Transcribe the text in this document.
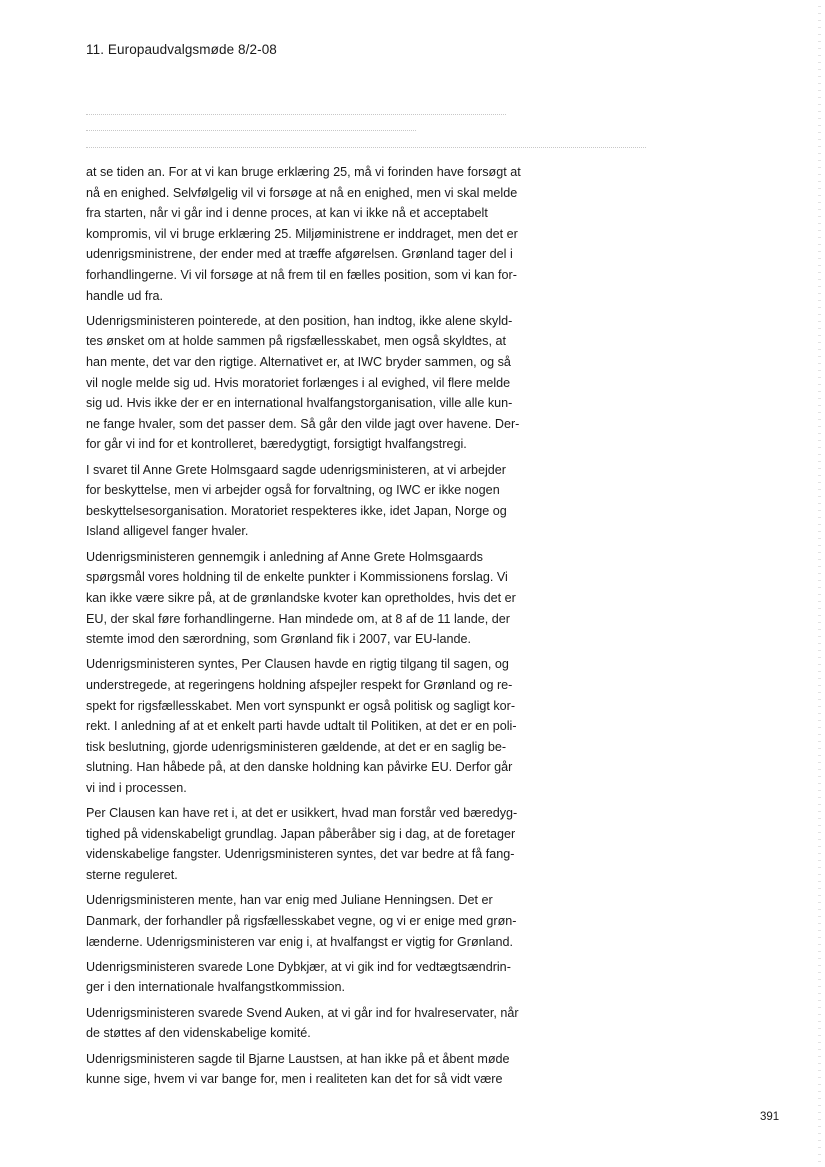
11. Europaudvalgsmøde 8/2-08

at se tiden an. For at vi kan bruge erklæring 25, må vi forinden have forsøgt at
nå en enighed. Selvfølgelig vil vi forsøge at nå en enighed, men vi skal melde
fra starten, når vi går ind i denne proces, at kan vi ikke nå et acceptabelt
kompromis, vil vi bruge erklæring 25. Miljøministrene er inddraget, men det er
udenrigsministrene, der ender med at træffe afgørelsen. Grønland tager del i
forhandlingerne. Vi vil forsøge at nå frem til en fælles position, som vi kan for-
handle ud fra.

Udenrigsministeren pointerede, at den position, han indtog, ikke alene skyld-
tes ønsket om at holde sammen på rigsfællesskabet, men også skyldtes, at
han mente, det var den rigtige. Alternativet er, at IWC bryder sammen, og så
vil nogle melde sig ud. Hvis moratoriet forlænges i al evighed, vil flere melde
sig ud. Hvis ikke der er en international hvalfangstorganisation, ville alle kun-
ne fange hvaler, som det passer dem. Så går den vilde jagt over havene. Der-
for går vi ind for et kontrolleret, bæredygtigt, forsigtigt hvalfangstregi.

I svaret til Anne Grete Holmsgaard sagde udenrigsministeren, at vi arbejder
for beskyttelse, men vi arbejder også for forvaltning, og IWC er ikke nogen
beskyttelsesorganisation. Moratoriet respekteres ikke, idet Japan, Norge og
Island alligevel fanger hvaler.

Udenrigsministeren gennemgik i anledning af Anne Grete Holmsgaards
spørgsmål vores holdning til de enkelte punkter i Kommissionens forslag. Vi
kan ikke være sikre på, at de grønlandske kvoter kan opretholdes, hvis det er
EU, der skal føre forhandlingerne. Han mindede om, at 8 af de 11 lande, der
stemte imod den særordning, som Grønland fik i 2007, var EU-lande.

Udenrigsministeren syntes, Per Clausen havde en rigtig tilgang til sagen, og
understregede, at regeringens holdning afspejler respekt for Grønland og re-
spekt for rigsfællesskabet. Men vort synspunkt er også politisk og sagligt kor-
rekt. I anledning af at et enkelt parti havde udtalt til Politiken, at det er en poli-
tisk beslutning, gjorde udenrigsministeren gældende, at det er en saglig be-
slutning. Han håbede på, at den danske holdning kan påvirke EU. Derfor går
vi ind i processen.

Per Clausen kan have ret i, at det er usikkert, hvad man forstår ved bæredyg-
tighed på videnskabeligt grundlag. Japan påberåber sig i dag, at de foretager
videnskabelige fangster. Udenrigsministeren syntes, det var bedre at få fang-
sterne reguleret.

Udenrigsministeren mente, han var enig med Juliane Henningsen. Det er
Danmark, der forhandler på rigsfællesskabet vegne, og vi er enige med grøn-
lænderne. Udenrigsministeren var enig i, at hvalfangst er vigtig for Grønland.

Udenrigsministeren svarede Lone Dybkjær, at vi gik ind for vedtægtsændrin-
ger i den internationale hvalfangstkommission.

Udenrigsministeren svarede Svend Auken, at vi går ind for hvalreservater, når
de støttes af den videnskabelige komité.

Udenrigsministeren sagde til Bjarne Laustsen, at han ikke på et åbent møde
kunne sige, hvem vi var bange for, men i realiteten kan det for så vidt være

391
